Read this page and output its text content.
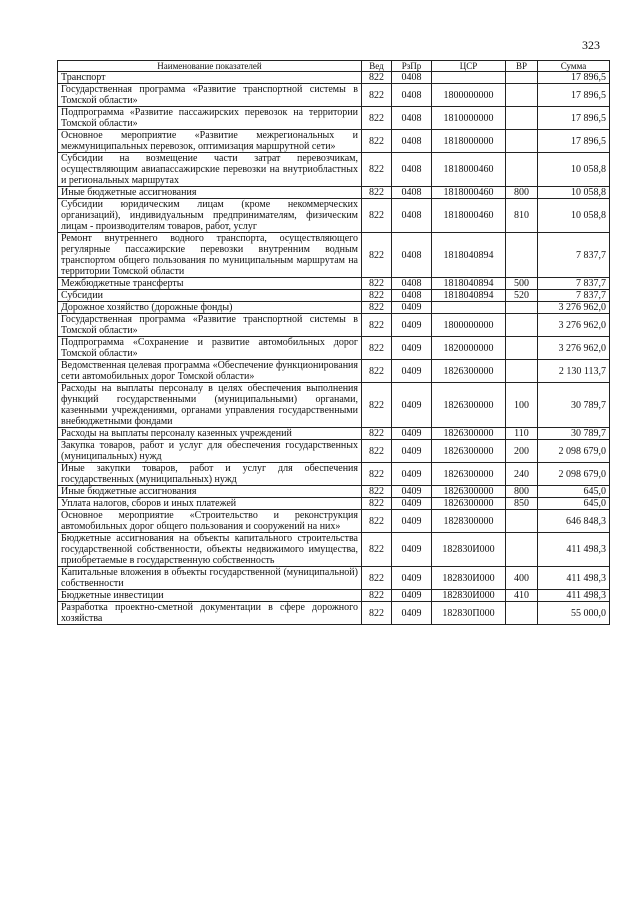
323
Наименование показателей	Вед	РзПр	ЦСР	ВР	Сумма
Транспорт	822	0408			17 896,5
Государственная программа «Развитие транспортной системы в Томской области»	822	0408	1800000000		17 896,5
Подпрограмма «Развитие пассажирских перевозок на территории Томской области»	822	0408	1810000000		17 896,5
Основное мероприятие «Развитие межрегиональных и межмуниципальных перевозок, оптимизация маршрутной сети»	822	0408	1818000000		17 896,5
Субсидии на возмещение части затрат перевозчикам, осуществляющим авиапассажирские перевозки на внутриобластных и региональных маршрутах	822	0408	1818000460		10 058,8
Иные бюджетные ассигнования	822	0408	1818000460	800	10 058,8
Субсидии юридическим лицам (кроме некоммерческих организаций), индивидуальным предпринимателям, физическим лицам - производителям товаров, работ, услуг	822	0408	1818000460	810	10 058,8
Ремонт внутреннего водного транспорта, осуществляющего регулярные пассажирские перевозки внутренним водным транспортом общего пользования по муниципальным маршрутам на территории Томской области	822	0408	1818040894		7 837,7
Межбюджетные трансферты	822	0408	1818040894	500	7 837,7
Субсидии	822	0408	1818040894	520	7 837,7
Дорожное хозяйство (дорожные фонды)	822	0409			3 276 962,0
Государственная программа «Развитие транспортной системы в Томской области»	822	0409	1800000000		3 276 962,0
Подпрограмма «Сохранение и развитие автомобильных дорог Томской области»	822	0409	1820000000		3 276 962,0
Ведомственная целевая программа «Обеспечение функционирования сети автомобильных дорог Томской области»	822	0409	1826300000		2 130 113,7
Расходы на выплаты персоналу в целях обеспечения выполнения функций государственными (муниципальными) органами, казенными учреждениями, органами управления государственными внебюджетными фондами	822	0409	1826300000	100	30 789,7
Расходы на выплаты персоналу казенных учреждений	822	0409	1826300000	110	30 789,7
Закупка товаров, работ и услуг для обеспечения государственных (муниципальных) нужд	822	0409	1826300000	200	2 098 679,0
Иные закупки товаров, работ и услуг для обеспечения государственных (муниципальных) нужд	822	0409	1826300000	240	2 098 679,0
Иные бюджетные ассигнования	822	0409	1826300000	800	645,0
Уплата налогов, сборов и иных платежей	822	0409	1826300000	850	645,0
Основное мероприятие «Строительство и реконструкция автомобильных дорог общего пользования и сооружений на них»	822	0409	1828300000		646 848,3
Бюджетные ассигнования на объекты капитального строительства государственной собственности, объекты недвижимого имущества, приобретаемые в государственную собственность	822	0409	182830И000		411 498,3
Капитальные вложения в объекты государственной (муниципальной) собственности	822	0409	182830И000	400	411 498,3
Бюджетные инвестиции	822	0409	182830И000	410	411 498,3
Разработка проектно-сметной документации в сфере дорожного хозяйства	822	0409	182830П000		55 000,0
